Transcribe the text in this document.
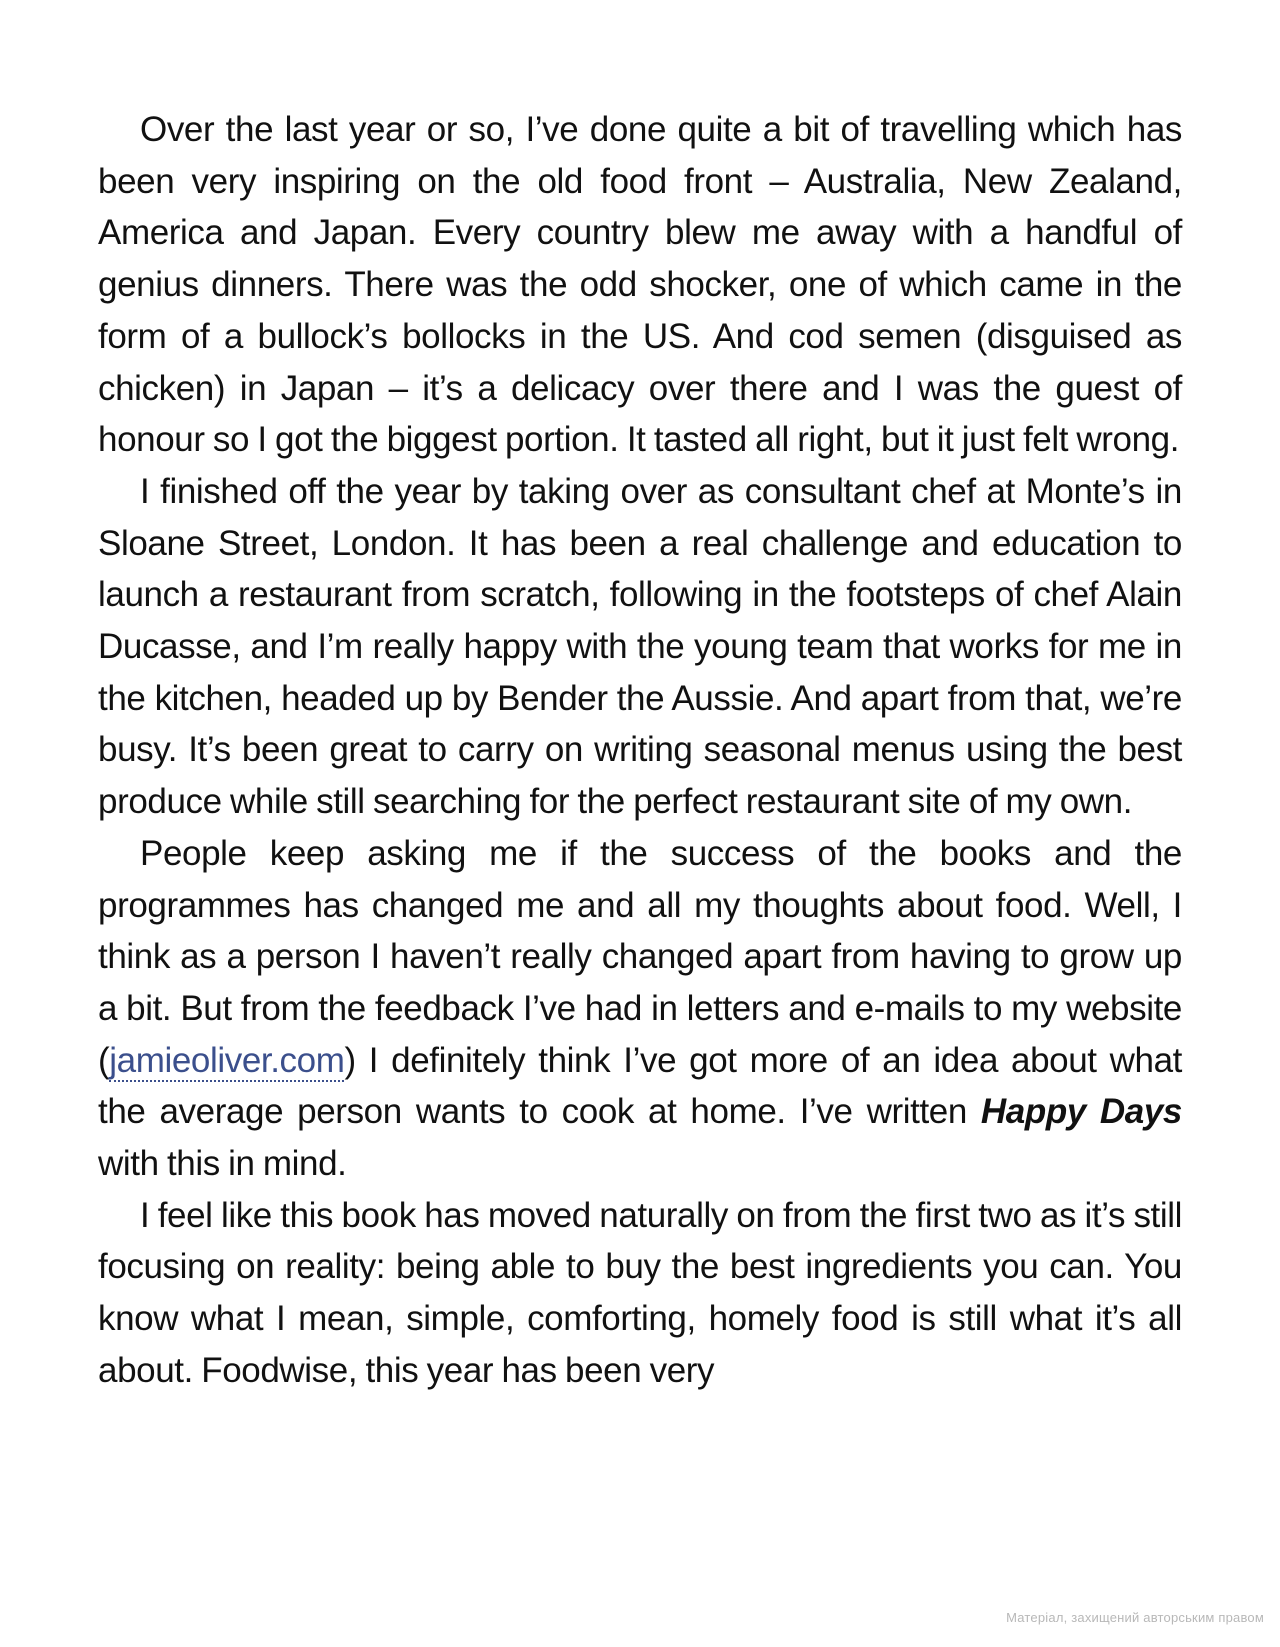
Over the last year or so, I’ve done quite a bit of travelling which has been very inspiring on the old food front – Australia, New Zealand, America and Japan. Every country blew me away with a handful of genius dinners. There was the odd shocker, one of which came in the form of a bullock’s bollocks in the US. And cod semen (disguised as chicken) in Japan – it’s a delicacy over there and I was the guest of honour so I got the biggest portion. It tasted all right, but it just felt wrong.

I finished off the year by taking over as consultant chef at Monte’s in Sloane Street, London. It has been a real challenge and education to launch a restaurant from scratch, following in the footsteps of chef Alain Ducasse, and I’m really happy with the young team that works for me in the kitchen, headed up by Bender the Aussie. And apart from that, we’re busy. It’s been great to carry on writing seasonal menus using the best produce while still searching for the perfect restaurant site of my own.

People keep asking me if the success of the books and the programmes has changed me and all my thoughts about food. Well, I think as a person I haven’t really changed apart from having to grow up a bit. But from the feedback I’ve had in letters and e-mails to my website (jamieoliver.com) I definitely think I’ve got more of an idea about what the average person wants to cook at home. I’ve written Happy Days with this in mind.

I feel like this book has moved naturally on from the first two as it’s still focusing on reality: being able to buy the best ingredients you can. You know what I mean, simple, comforting, homely food is still what it’s all about. Foodwise, this year has been very

Матеріал, захищений авторським правом
